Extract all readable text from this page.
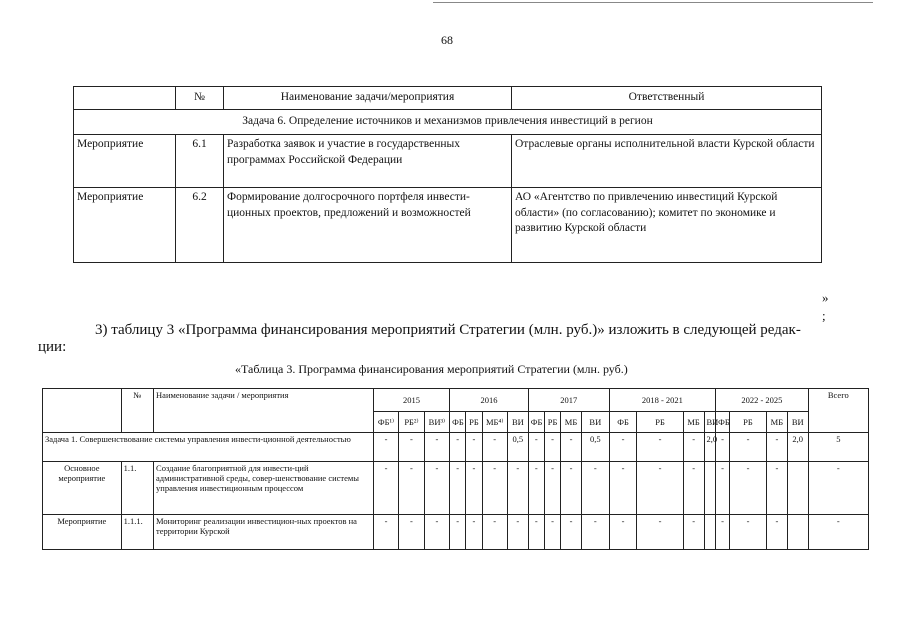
68
	№	Наименование задачи/мероприятия	Ответственный
Задача 6. Определение источников и механизмов привлечения инвестиций в регион			
Мероприятие	6.1	Разработка заявок и участие в государственных программах Российской Федерации	Отраслевые органы исполнительной власти Курской области
Мероприятие	6.2	Формирование долгосрочного портфеля инвести-ционных проектов, предложений и возможностей	АО «Агентство по привлечению инвестиций Курской области» (по согласованию); комитет по экономике и развитию Курской области
»
;
3) таблицу 3 «Программа финансирования мероприятий Стратегии (млн. руб.)» изложить в следующей редак-ции:
«Таблица 3. Программа финансирования мероприятий Стратегии (млн. руб.)
	№	Наименование задачи / мероприятия	2015			2016				2017				2018 - 2021				2022 - 2025				Всего
			ФБ¹⁾	РБ²⁾	ВИ³⁾	ФБ	РБ	МБ⁴⁾	ВИ	ФБ	РБ	МБ	ВИ	ФБ	РБ	МБ	ВИ	ФБ	РБ	МБ	ВИ	
Задача 1. Совершенствование системы управления инвести-ционной деятельностью			-	-	-	-	-	-	0,5	-	-	-	0,5	-	-	-	2,0	-	-	-	2,0	5
Основное мероприятие	1.1.	Создание благоприятной для инвести-ций административной среды, совер-шенствование системы управления инвестиционным процессом	-	-	-	-	-	-	-	-	-	-	-	-	-	-		-	-	-		-
Мероприятие	1.1.1.	Мониторинг реализации инвестицион-ных проектов на территории Курской	-	-	-	-	-	-	-	-	-	-	-	-	-	-		-	-	-		-
